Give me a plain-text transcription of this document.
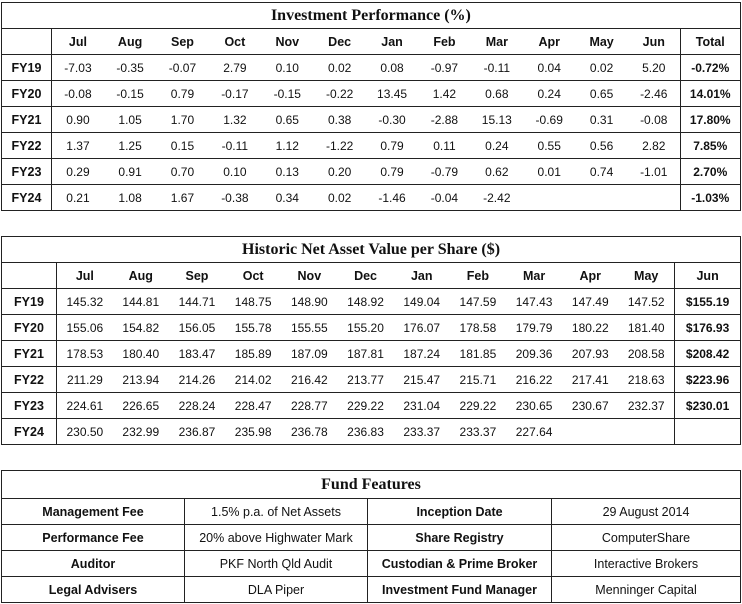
Investment Performance (%)													
	Jul	Aug	Sep	Oct	Nov	Dec	Jan	Feb	Mar	Apr	May	Jun	Total
FY19	-7.03	-0.35	-0.07	2.79	0.10	0.02	0.08	-0.97	-0.11	0.04	0.02	5.20	-0.72%
FY20	-0.08	-0.15	0.79	-0.17	-0.15	-0.22	13.45	1.42	0.68	0.24	0.65	-2.46	14.01%
FY21	0.90	1.05	1.70	1.32	0.65	0.38	-0.30	-2.88	15.13	-0.69	0.31	-0.08	17.80%
FY22	1.37	1.25	0.15	-0.11	1.12	-1.22	0.79	0.11	0.24	0.55	0.56	2.82	7.85%
FY23	0.29	0.91	0.70	0.10	0.13	0.20	0.79	-0.79	0.62	0.01	0.74	-1.01	2.70%
FY24	0.21	1.08	1.67	-0.38	0.34	0.02	-1.46	-0.04	-2.42				-1.03%
Historic Net Asset Value per Share ($)												
	Jul	Aug	Sep	Oct	Nov	Dec	Jan	Feb	Mar	Apr	May	Jun
FY19	145.32	144.81	144.71	148.75	148.90	148.92	149.04	147.59	147.43	147.49	147.52	$155.19
FY20	155.06	154.82	156.05	155.78	155.55	155.20	176.07	178.58	179.79	180.22	181.40	$176.93
FY21	178.53	180.40	183.47	185.89	187.09	187.81	187.24	181.85	209.36	207.93	208.58	$208.42
FY22	211.29	213.94	214.26	214.02	216.42	213.77	215.47	215.71	216.22	217.41	218.63	$223.96
FY23	224.61	226.65	228.24	228.47	228.77	229.22	231.04	229.22	230.65	230.67	232.37	$230.01
FY24	230.50	232.99	236.87	235.98	236.78	236.83	233.37	233.37	227.64			
Fund Features			
Management Fee	1.5% p.a. of Net Assets	Inception Date	29 August 2014
Performance Fee	20% above Highwater Mark	Share Registry	ComputerShare
Auditor	PKF North Qld Audit	Custodian & Prime Broker	Interactive Brokers
Legal Advisers	DLA Piper	Investment Fund Manager	Menninger Capital
